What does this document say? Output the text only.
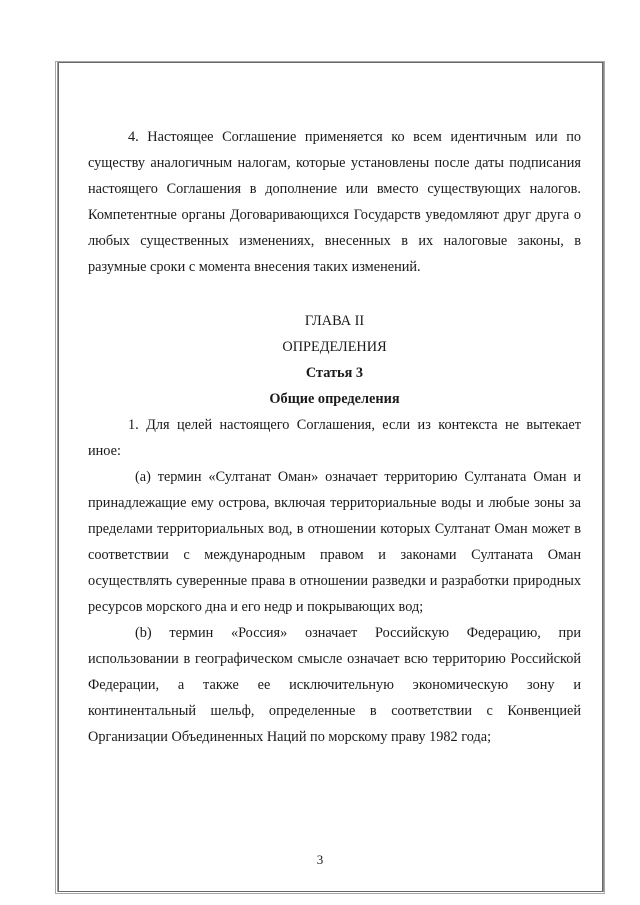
4. Настоящее Соглашение применяется ко всем идентичным или по существу аналогичным налогам, которые установлены после даты подписания настоящего Соглашения в дополнение или вместо существующих налогов. Компетентные органы Договаривающихся Государств уведомляют друг друга о любых существенных изменениях, внесенных в их налоговые законы, в разумные сроки с момента внесения таких изменений.

ГЛАВА II

ОПРЕДЕЛЕНИЯ

Статья 3

Общие определения

1. Для целей настоящего Соглашения, если из контекста не вытекает иное:

(а) термин «Султанат Оман» означает территорию Султаната Оман и принадлежащие ему острова, включая территориальные воды и любые зоны за пределами территориальных вод, в отношении которых Султанат Оман может в соответствии с международным правом и законами Султаната Оман осуществлять суверенные права в отношении разведки и разработки природных ресурсов морского дна и его недр и покрывающих вод;

(b) термин «Россия» означает Российскую Федерацию, при использовании в географическом смысле означает всю территорию Российской Федерации, а также ее исключительную экономическую зону и континентальный шельф, определенные в соответствии с Конвенцией Организации Объединенных Наций по морскому праву 1982 года;

3
